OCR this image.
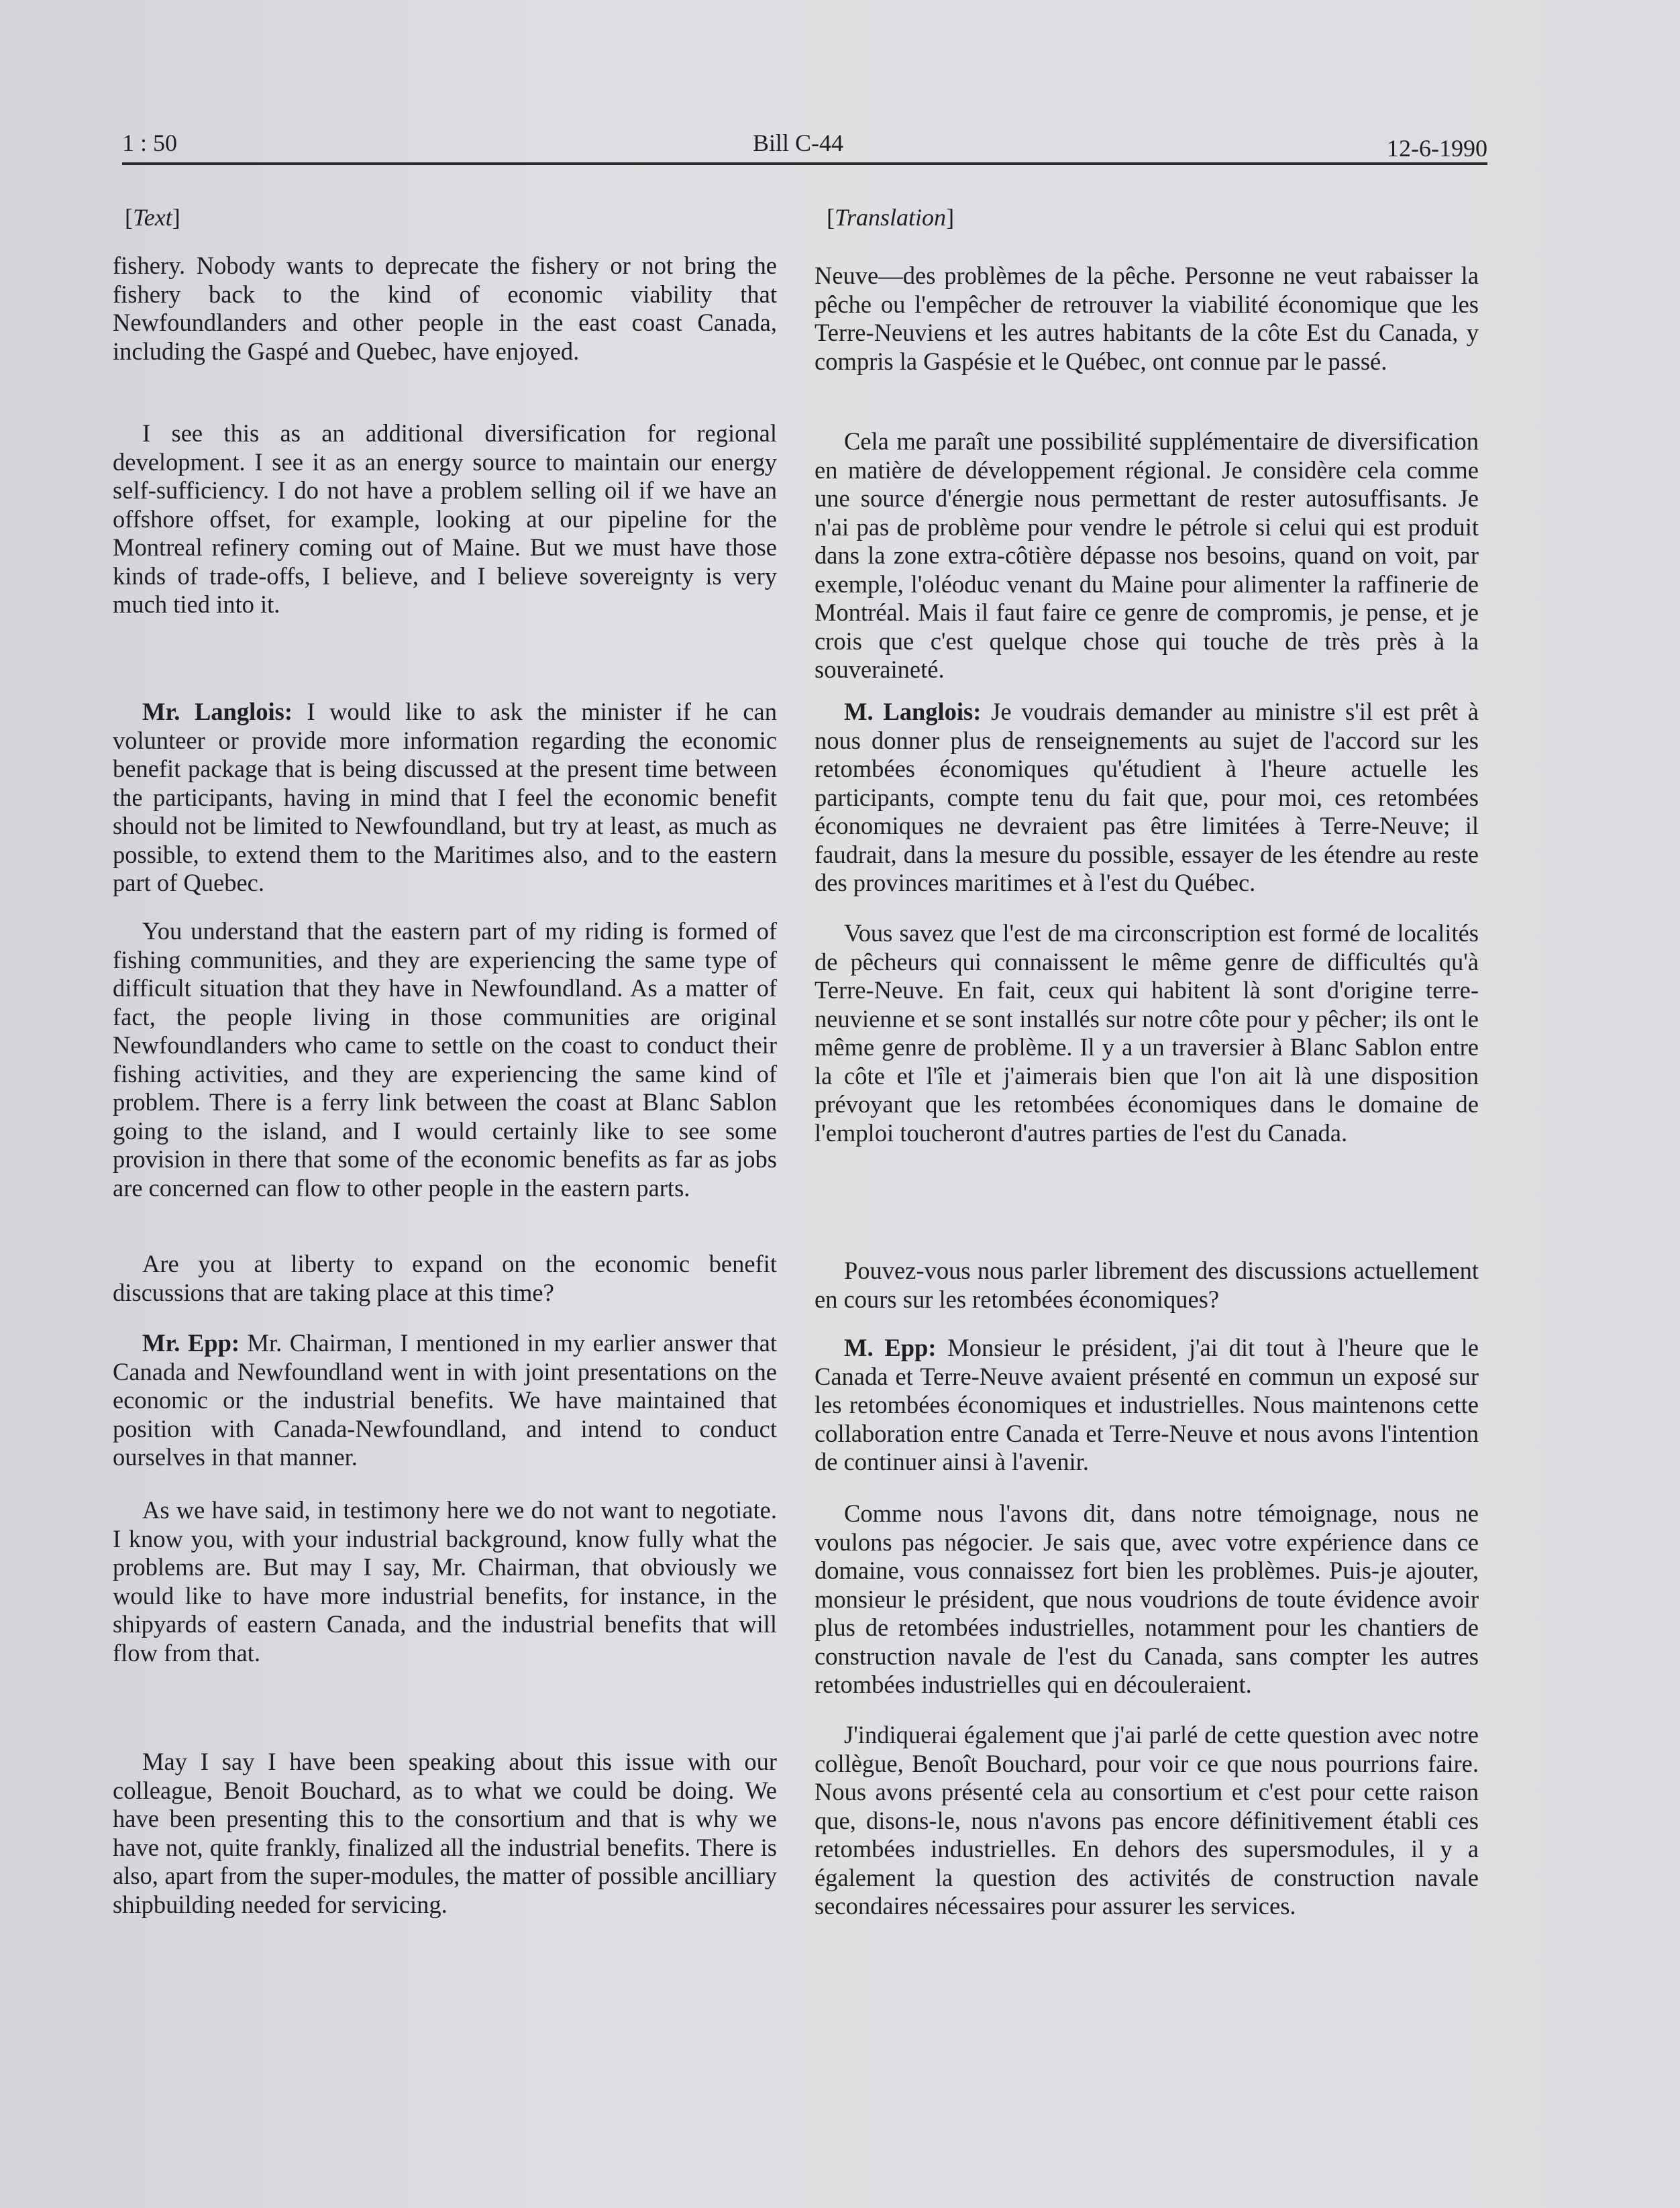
1 : 50	Bill C-44	12-6-1990
[Text]

fishery. Nobody wants to deprecate the fishery or not bring the fishery back to the kind of economic viability that Newfoundlanders and other people in the east coast Canada, including the Gaspé and Quebec, have enjoyed.

I see this as an additional diversification for regional development. I see it as an energy source to maintain our energy self-sufficiency. I do not have a problem selling oil if we have an offshore offset, for example, looking at our pipeline for the Montreal refinery coming out of Maine. But we must have those kinds of trade-offs, I believe, and I believe sovereignty is very much tied into it.

Mr. Langlois: I would like to ask the minister if he can volunteer or provide more information regarding the economic benefit package that is being discussed at the present time between the participants, having in mind that I feel the economic benefit should not be limited to Newfoundland, but try at least, as much as possible, to extend them to the Maritimes also, and to the eastern part of Quebec.

You understand that the eastern part of my riding is formed of fishing communities, and they are experiencing the same type of difficult situation that they have in Newfoundland. As a matter of fact, the people living in those communities are original Newfoundlanders who came to settle on the coast to conduct their fishing activities, and they are experiencing the same kind of problem. There is a ferry link between the coast at Blanc Sablon going to the island, and I would certainly like to see some provision in there that some of the economic benefits as far as jobs are concerned can flow to other people in the eastern parts.

Are you at liberty to expand on the economic benefit discussions that are taking place at this time?

Mr. Epp: Mr. Chairman, I mentioned in my earlier answer that Canada and Newfoundland went in with joint presentations on the economic or the industrial benefits. We have maintained that position with Canada-Newfoundland, and intend to conduct ourselves in that manner.

As we have said, in testimony here we do not want to negotiate. I know you, with your industrial background, know fully what the problems are. But may I say, Mr. Chairman, that obviously we would like to have more industrial benefits, for instance, in the shipyards of eastern Canada, and the industrial benefits that will flow from that.

May I say I have been speaking about this issue with our colleague, Benoit Bouchard, as to what we could be doing. We have been presenting this to the consortium and that is why we have not, quite frankly, finalized all the industrial benefits. There is also, apart from the super-modules, the matter of possible ancilliary shipbuilding needed for servicing.

[Translation]

Neuve—des problèmes de la pêche. Personne ne veut rabaisser la pêche ou l'empêcher de retrouver la viabilité économique que les Terre-Neuviens et les autres habitants de la côte Est du Canada, y compris la Gaspésie et le Québec, ont connue par le passé.

Cela me paraît une possibilité supplémentaire de diversification en matière de développement régional. Je considère cela comme une source d'énergie nous permettant de rester autosuffisants. Je n'ai pas de problème pour vendre le pétrole si celui qui est produit dans la zone extra-côtière dépasse nos besoins, quand on voit, par exemple, l'oléoduc venant du Maine pour alimenter la raffinerie de Montréal. Mais il faut faire ce genre de compromis, je pense, et je crois que c'est quelque chose qui touche de très près à la souveraineté.

M. Langlois: Je voudrais demander au ministre s'il est prêt à nous donner plus de renseignements au sujet de l'accord sur les retombées économiques qu'étudient à l'heure actuelle les participants, compte tenu du fait que, pour moi, ces retombées économiques ne devraient pas être limitées à Terre-Neuve; il faudrait, dans la mesure du possible, essayer de les étendre au reste des provinces maritimes et à l'est du Québec.

Vous savez que l'est de ma circonscription est formé de localités de pêcheurs qui connaissent le même genre de difficultés qu'à Terre-Neuve. En fait, ceux qui habitent là sont d'origine terre-neuvienne et se sont installés sur notre côte pour y pêcher; ils ont le même genre de problème. Il y a un traversier à Blanc Sablon entre la côte et l'île et j'aimerais bien que l'on ait là une disposition prévoyant que les retombées économiques dans le domaine de l'emploi toucheront d'autres parties de l'est du Canada.

Pouvez-vous nous parler librement des discussions actuellement en cours sur les retombées économiques?

M. Epp: Monsieur le président, j'ai dit tout à l'heure que le Canada et Terre-Neuve avaient présenté en commun un exposé sur les retombées économiques et industrielles. Nous maintenons cette collaboration entre Canada et Terre-Neuve et nous avons l'intention de continuer ainsi à l'avenir.

Comme nous l'avons dit, dans notre témoignage, nous ne voulons pas négocier. Je sais que, avec votre expérience dans ce domaine, vous connaissez fort bien les problèmes. Puis-je ajouter, monsieur le président, que nous voudrions de toute évidence avoir plus de retombées industrielles, notamment pour les chantiers de construction navale de l'est du Canada, sans compter les autres retombées industrielles qui en découleraient.

J'indiquerai également que j'ai parlé de cette question avec notre collègue, Benoît Bouchard, pour voir ce que nous pourrions faire. Nous avons présenté cela au consortium et c'est pour cette raison que, disons-le, nous n'avons pas encore définitivement établi ces retombées industrielles. En dehors des supersmodules, il y a également la question des activités de construction navale secondaires nécessaires pour assurer les services.
